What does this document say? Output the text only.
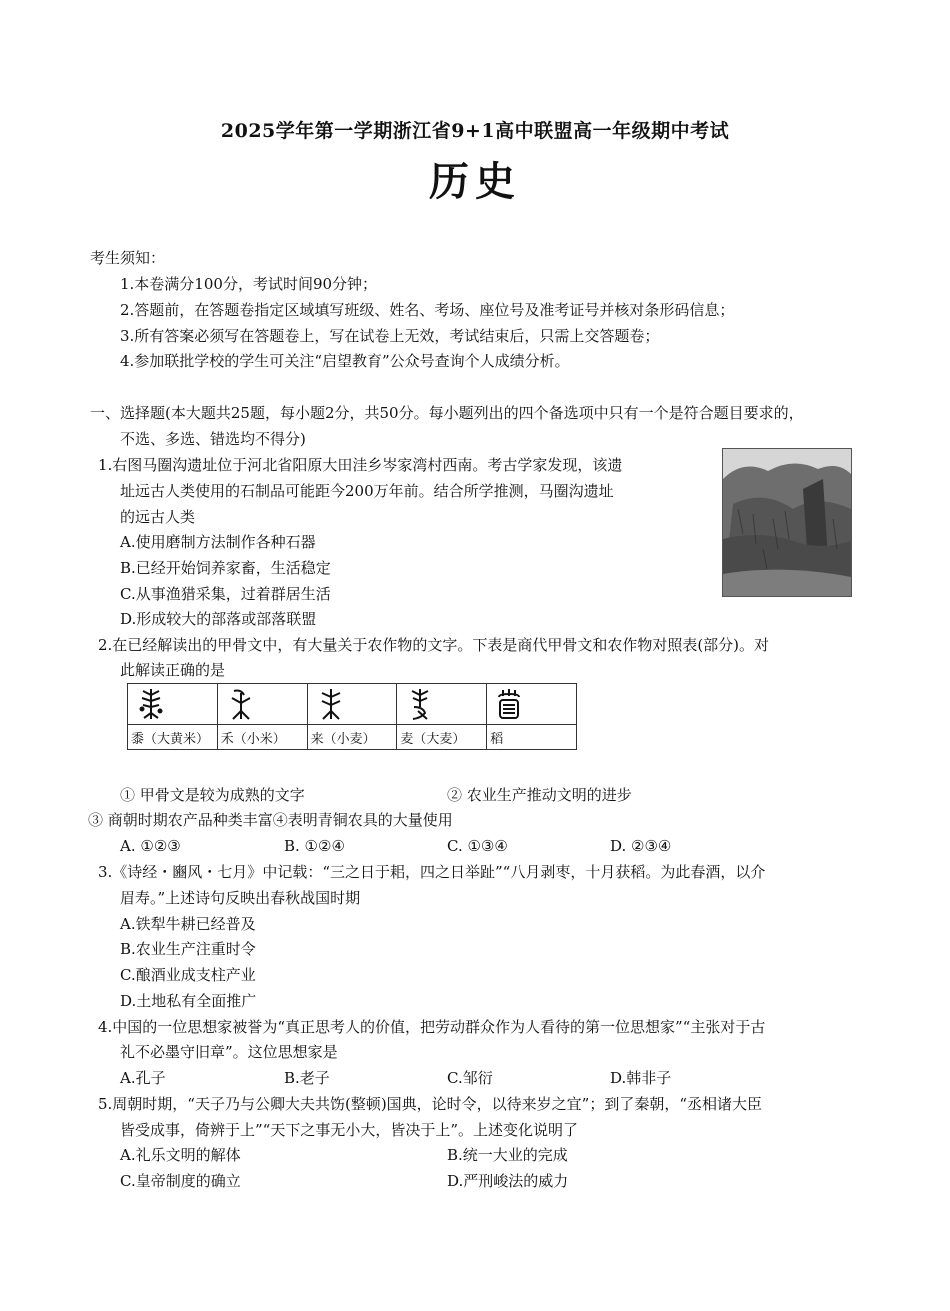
2025学年第一学期浙江省9+1高中联盟高一年级期中考试
历史
考生须知：
1.本卷满分100分，考试时间90分钟；
2.答题前，在答题卷指定区域填写班级、姓名、考场、座位号及准考证号并核对条形码信息；
3.所有答案必须写在答题卷上，写在试卷上无效，考试结束后，只需上交答题卷；
4.参加联批学校的学生可关注“启望教育”公众号查询个人成绩分析。
一、选择题(本大题共25题，每小题2分，共50分。每小题列出的四个备选项中只有一个是符合题目要求的，
不选、多选、错选均不得分)
1.右图马圈沟遗址位于河北省阳原大田洼乡岑家湾村西南。考古学家发现，该遗
址远古人类使用的石制品可能距今200万年前。结合所学推测，马圈沟遗址
的远古人类
A.使用磨制方法制作各种石器
B.已经开始饲养家畜，生活稳定
C.从事渔猎采集，过着群居生活
D.形成较大的部落或部落联盟
2.在已经解读出的甲骨文中，有大量关于农作物的文字。下表是商代甲骨文和农作物对照表(部分)。对
此解读正确的是

黍（大黄米）	禾（小米）	来（小麦）	麦（大麦）	稻
① 甲骨文是较为成熟的文字	② 农业生产推动文明的进步
③ 商朝时期农产品种类丰富④表明青铜农具的大量使用
A. ①②③	B. ①②④	C. ①③④	D. ②③④
3.《诗经・豳风・七月》中记载：“三之日于耜，四之日举趾”“八月剥枣，十月获稻。为此春酒，以介
眉寿。”上述诗句反映出春秋战国时期
A.铁犁牛耕已经普及
B.农业生产注重时令
C.酿酒业成支柱产业
D.土地私有全面推广
4.中国的一位思想家被誉为“真正思考人的价值，把劳动群众作为人看待的第一位思想家”“主张对于古
礼不必墨守旧章”。这位思想家是
A.孔子	B.老子	C.邹衍	D.韩非子
5.周朝时期，“天子乃与公卿大夫共饬(整顿)国典，论时令，以待来岁之宜”；到了秦朝，“丞相诸大臣
皆受成事，倚辨于上”“天下之事无小大，皆决于上”。上述变化说明了
A.礼乐文明的解体	B.统一大业的完成
C.皇帝制度的确立	D.严刑峻法的威力
